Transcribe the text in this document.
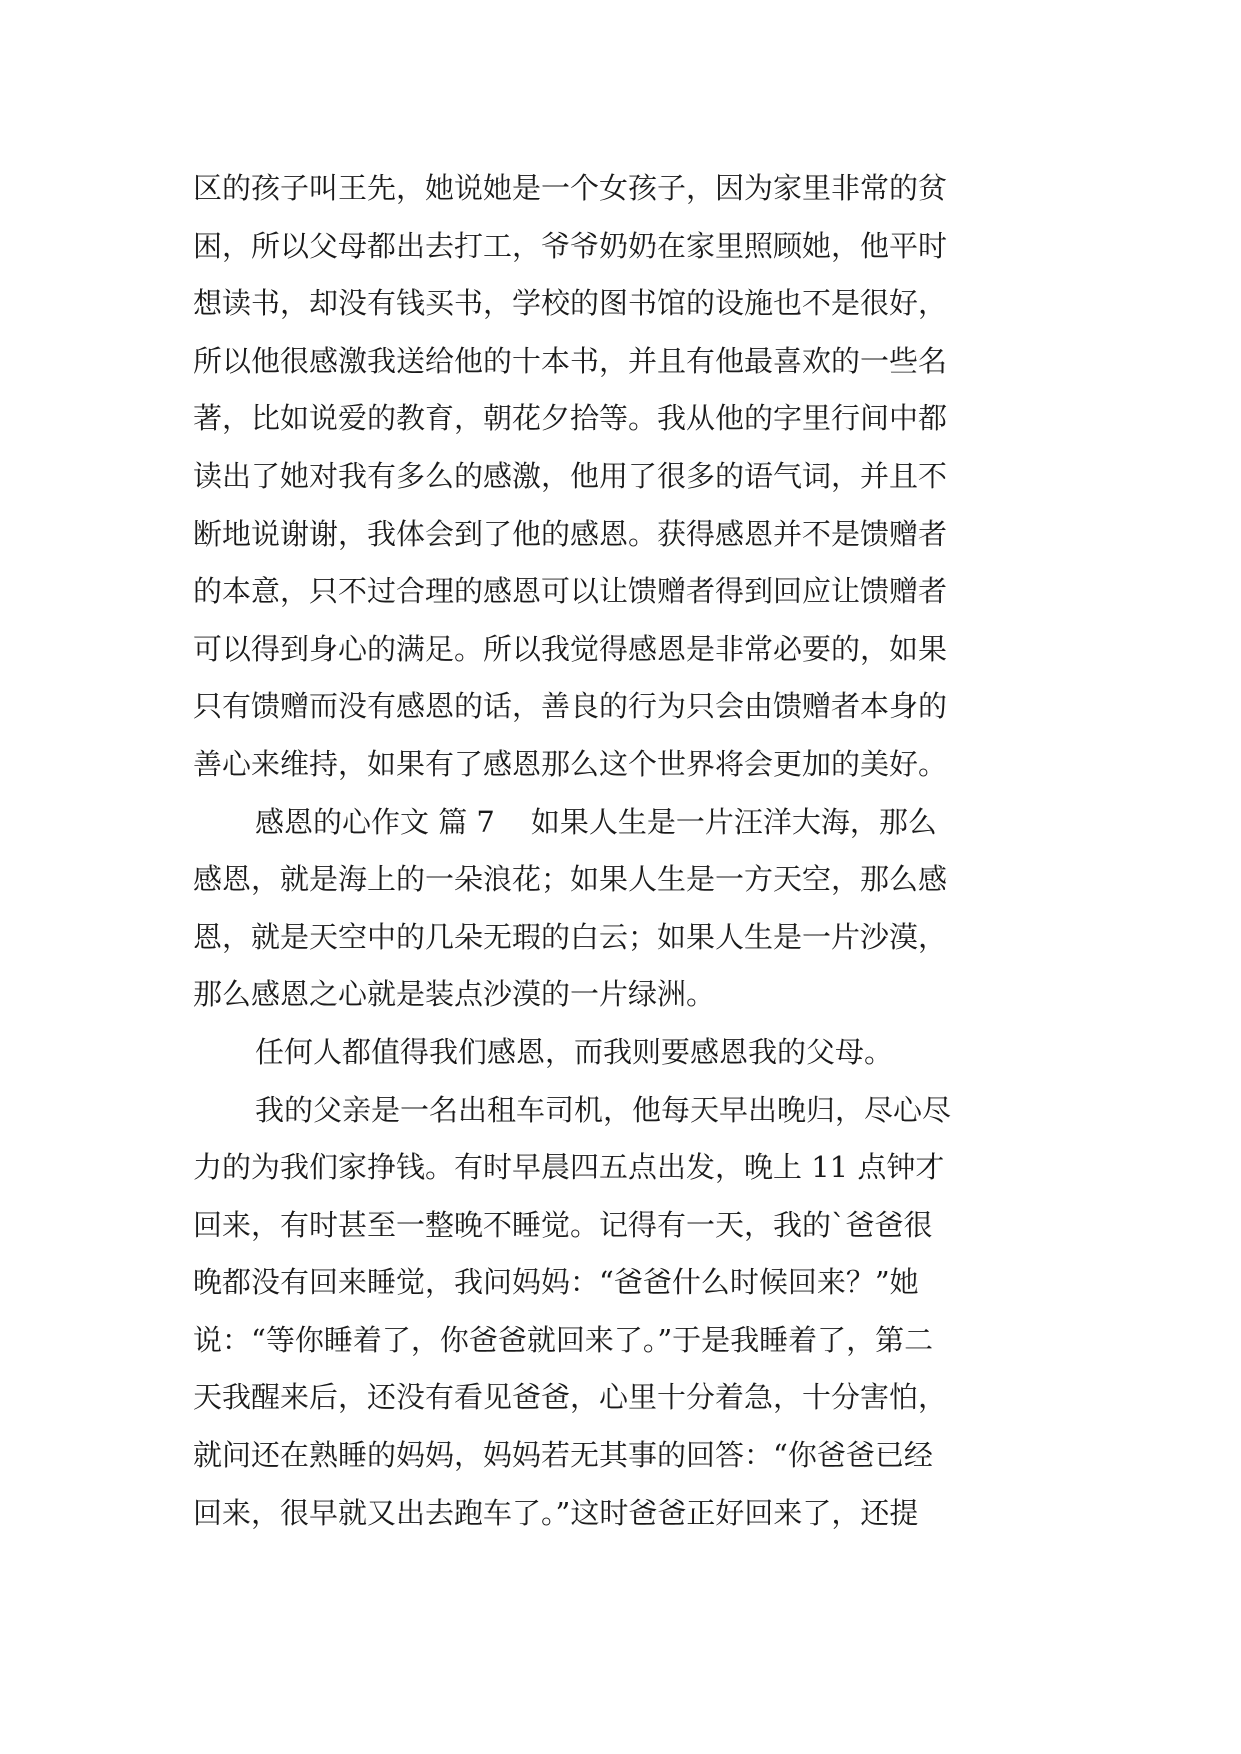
区的孩子叫王先，她说她是一个女孩子，因为家里非常的贫
困，所以父母都出去打工，爷爷奶奶在家里照顾她，他平时
想读书，却没有钱买书，学校的图书馆的设施也不是很好，
所以他很感激我送给他的十本书，并且有他最喜欢的一些名
著，比如说爱的教育，朝花夕拾等。我从他的字里行间中都
读出了她对我有多么的感激，他用了很多的语气词，并且不
断地说谢谢，我体会到了他的感恩。获得感恩并不是馈赠者
的本意，只不过合理的感恩可以让馈赠者得到回应让馈赠者
可以得到身心的满足。所以我觉得感恩是非常必要的，如果
只有馈赠而没有感恩的话，善良的行为只会由馈赠者本身的
善心来维持，如果有了感恩那么这个世界将会更加的美好。
感恩的心作文 篇 7 如果人生是一片汪洋大海，那么
感恩，就是海上的一朵浪花；如果人生是一方天空，那么感
恩，就是天空中的几朵无瑕的白云；如果人生是一片沙漠，
那么感恩之心就是装点沙漠的一片绿洲。
任何人都值得我们感恩，而我则要感恩我的父母。
我的父亲是一名出租车司机，他每天早出晚归，尽心尽
力的为我们家挣钱。有时早晨四五点出发，晚上 11 点钟才
回来，有时甚至一整晚不睡觉。记得有一天，我的`爸爸很
晚都没有回来睡觉，我问妈妈：“爸爸什么时候回来？”她
说：“等你睡着了，你爸爸就回来了。”于是我睡着了，第二
天我醒来后，还没有看见爸爸，心里十分着急，十分害怕，
就问还在熟睡的妈妈，妈妈若无其事的回答：“你爸爸已经
回来，很早就又出去跑车了。”这时爸爸正好回来了，还提
